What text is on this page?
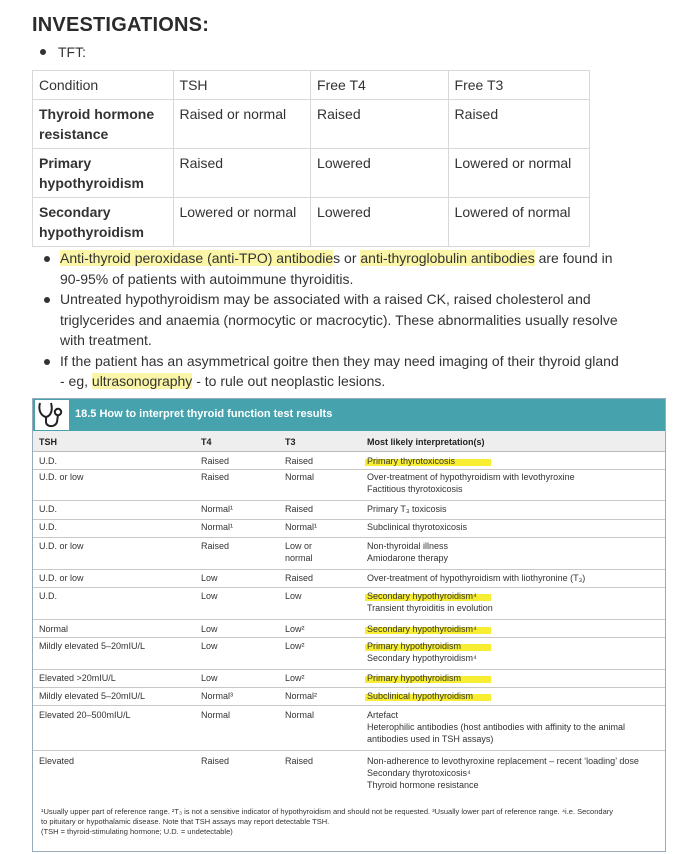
INVESTIGATIONS:
TFT:
Condition	TSH	Free T4	Free T3
Thyroid hormone resistance	Raised or normal	Raised	Raised
Primary hypothyroidism	Raised	Lowered	Lowered or normal
Secondary hypothyroidism	Lowered or normal	Lowered	Lowered of normal
Anti-thyroid peroxidase (anti-TPO) antibodies or anti-thyroglobulin antibodies are found in 90-95% of patients with autoimmune thyroiditis.
Untreated hypothyroidism may be associated with a raised CK, raised cholesterol and triglycerides and anaemia (normocytic or macrocytic). These abnormalities usually resolve with treatment.
If the patient has an asymmetrical goitre then they may need imaging of their thyroid gland - eg, ultrasonography - to rule out neoplastic lesions.
18.5 How to interpret thyroid function test results
TSH	T4	T3	Most likely interpretation(s)
U.D.	Raised	Raised	Primary thyrotoxicosis
U.D. or low	Raised	Normal	Over-treatment of hypothyroidism with levothyroxine
Factitious thyrotoxicosis
U.D.	Normal¹	Raised	Primary T₃ toxicosis
U.D.	Normal¹	Normal¹	Subclinical thyrotoxicosis
U.D. or low	Raised	Low or normal
Non-thyroidal illness
Amiodarone therapy
U.D. or low	Low	Raised	Over-treatment of hypothyroidism with liothyronine (T₃)
U.D.	Low	Low	Secondary hypothyroidism⁴
Transient thyroiditis in evolution
Normal	Low	Low²	Secondary hypothyroidism⁴
Mildly elevated 5–20mIU/L	Low	Low²	Primary hypothyroidism
Secondary hypothyroidism⁴
Elevated >20mIU/L	Low	Low²	Primary hypothyroidism
Mildly elevated 5–20mIU/L	Normal³	Normal²	Subclinical hypothyroidism
Elevated 20–500mIU/L	Normal	Normal	Artefact
Heterophilic antibodies (host antibodies with affinity to the animal
antibodies used in TSH assays)
Elevated	Raised	Raised	Non-adherence to levothyroxine replacement – recent ‘loading’ dose
Secondary thyrotoxicosis⁴
Thyroid hormone resistance
¹Usually upper part of reference range. ²T₃ is not a sensitive indicator of hypothyroidism and should not be requested. ³Usually lower part of reference range. ⁴i.e. Secondary
to pituitary or hypothalamic disease. Note that TSH assays may report detectable TSH.
(TSH = thyroid-stimulating hormone; U.D. = undetectable)
